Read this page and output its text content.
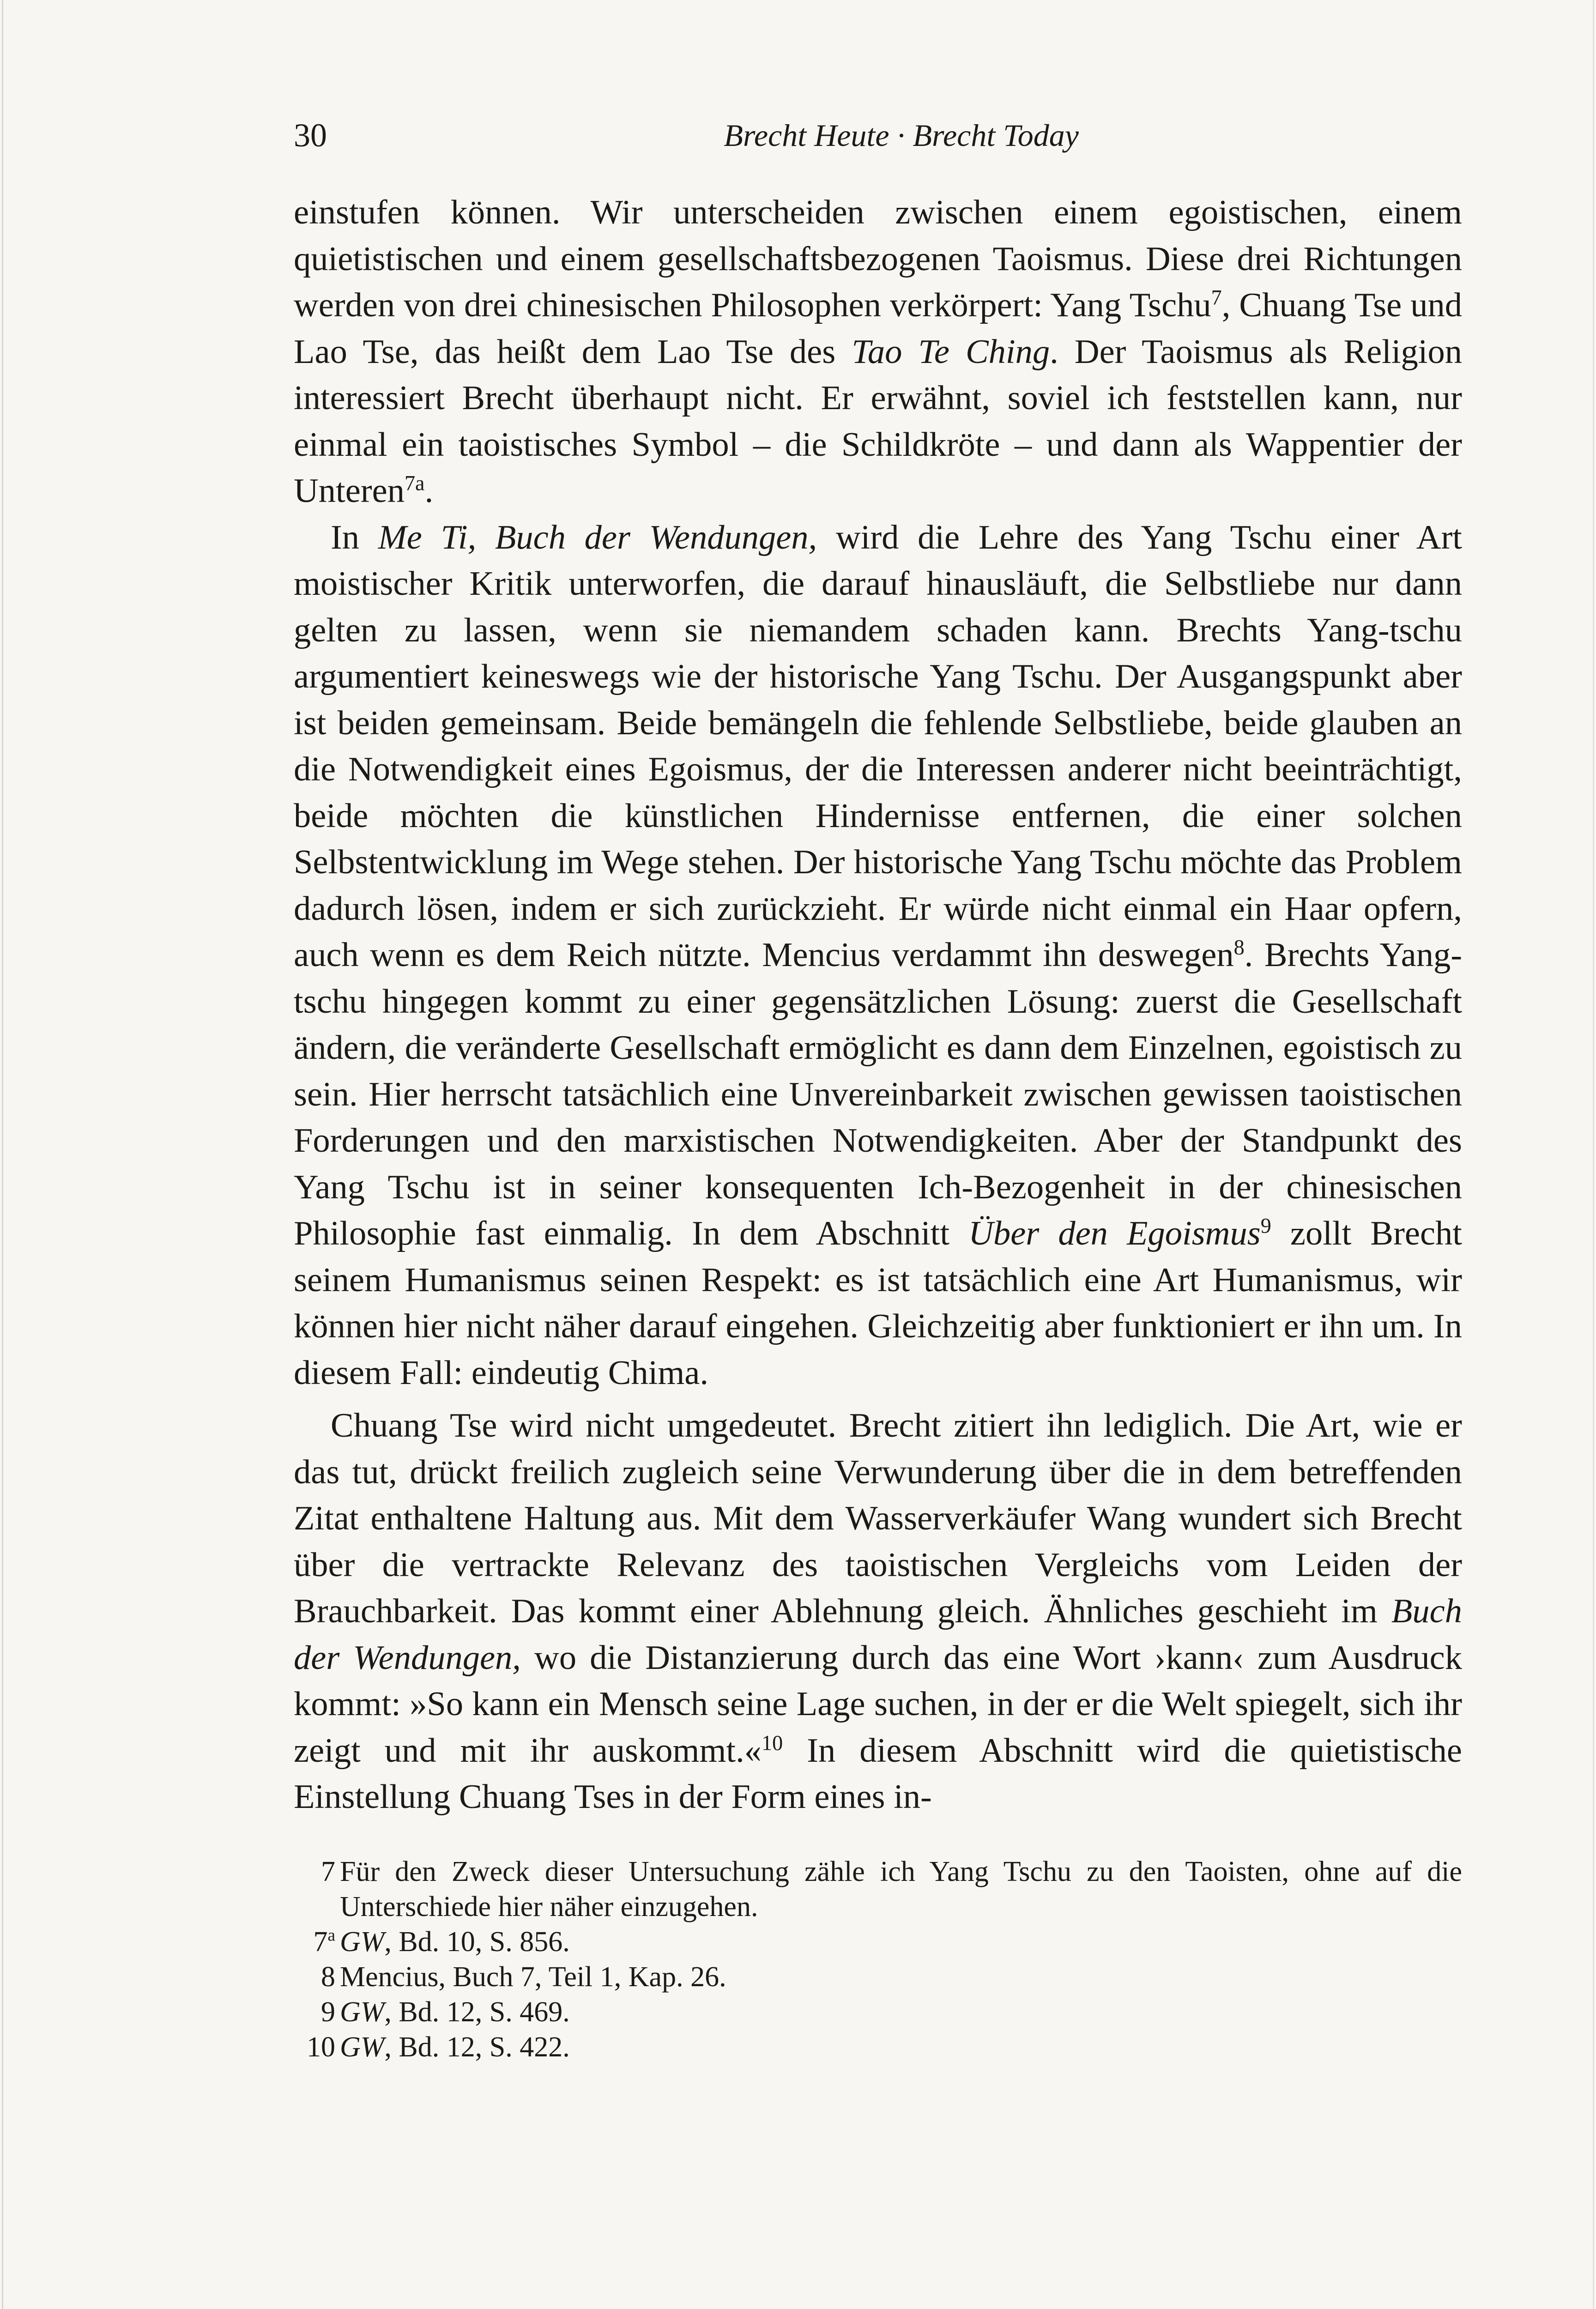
30	Brecht Heute · Brecht Today

einstufen können. Wir unterscheiden zwischen einem egoistischen, einem quietistischen und einem gesellschaftsbezogenen Taoismus. Diese drei Richtungen werden von drei chinesischen Philosophen verkörpert: Yang Tschu$^7$, Chuang Tse und Lao Tse, das heißt dem Lao Tse des Tao Te Ching. Der Taoismus als Religion interessiert Brecht überhaupt nicht. Er erwähnt, soviel ich feststellen kann, nur einmal ein taoistisches Symbol – die Schildkröte – und dann als Wappentier der Unteren$^{7a}$.

In Me Ti, Buch der Wendungen, wird die Lehre des Yang Tschu einer Art moistischer Kritik unterworfen, die darauf hinausläuft, die Selbstliebe nur dann gelten zu lassen, wenn sie niemandem schaden kann. Brechts Yang-tschu argumentiert keineswegs wie der historische Yang Tschu. Der Ausgangspunkt aber ist beiden gemeinsam. Beide bemängeln die fehlende Selbstliebe, beide glauben an die Notwendigkeit eines Egoismus, der die Interessen anderer nicht beeinträchtigt, beide möchten die künstlichen Hindernisse entfernen, die einer solchen Selbstentwicklung im Wege stehen. Der historische Yang Tschu möchte das Problem dadurch lösen, indem er sich zurückzieht. Er würde nicht einmal ein Haar opfern, auch wenn es dem Reich nützte. Mencius verdammt ihn deswegen$^8$. Brechts Yang-tschu hingegen kommt zu einer gegensätzlichen Lösung: zuerst die Gesellschaft ändern, die veränderte Gesellschaft ermöglicht es dann dem Einzelnen, egoistisch zu sein. Hier herrscht tatsächlich eine Unvereinbarkeit zwischen gewissen taoistischen Forderungen und den marxistischen Notwendigkeiten. Aber der Standpunkt des Yang Tschu ist in seiner konsequenten Ich-Bezogenheit in der chinesischen Philosophie fast einmalig. In dem Abschnitt Über den Egoismus$^9$ zollt Brecht seinem Humanismus seinen Respekt: es ist tatsächlich eine Art Humanismus, wir können hier nicht näher darauf eingehen. Gleichzeitig aber funktioniert er ihn um. In diesem Fall: eindeutig Chima.

Chuang Tse wird nicht umgedeutet. Brecht zitiert ihn lediglich. Die Art, wie er das tut, drückt freilich zugleich seine Verwunderung über die in dem betreffenden Zitat enthaltene Haltung aus. Mit dem Wasserverkäufer Wang wundert sich Brecht über die vertrackte Relevanz des taoistischen Vergleichs vom Leiden der Brauchbarkeit. Das kommt einer Ablehnung gleich. Ähnliches geschieht im Buch der Wendungen, wo die Distanzierung durch das eine Wort ›kann‹ zum Ausdruck kommt: »So kann ein Mensch seine Lage suchen, in der er die Welt spiegelt, sich ihr zeigt und mit ihr auskommt.«$^{10}$ In diesem Abschnitt wird die quietistische Einstellung Chuang Tses in der Form eines in-

7 Für den Zweck dieser Untersuchung zähle ich Yang Tschu zu den Taoisten, ohne auf die Unterschiede hier näher einzugehen.
7$^a$ GW, Bd. 10, S. 856.
8 Mencius, Buch 7, Teil 1, Kap. 26.
9 GW, Bd. 12, S. 469.
10 GW, Bd. 12, S. 422.
